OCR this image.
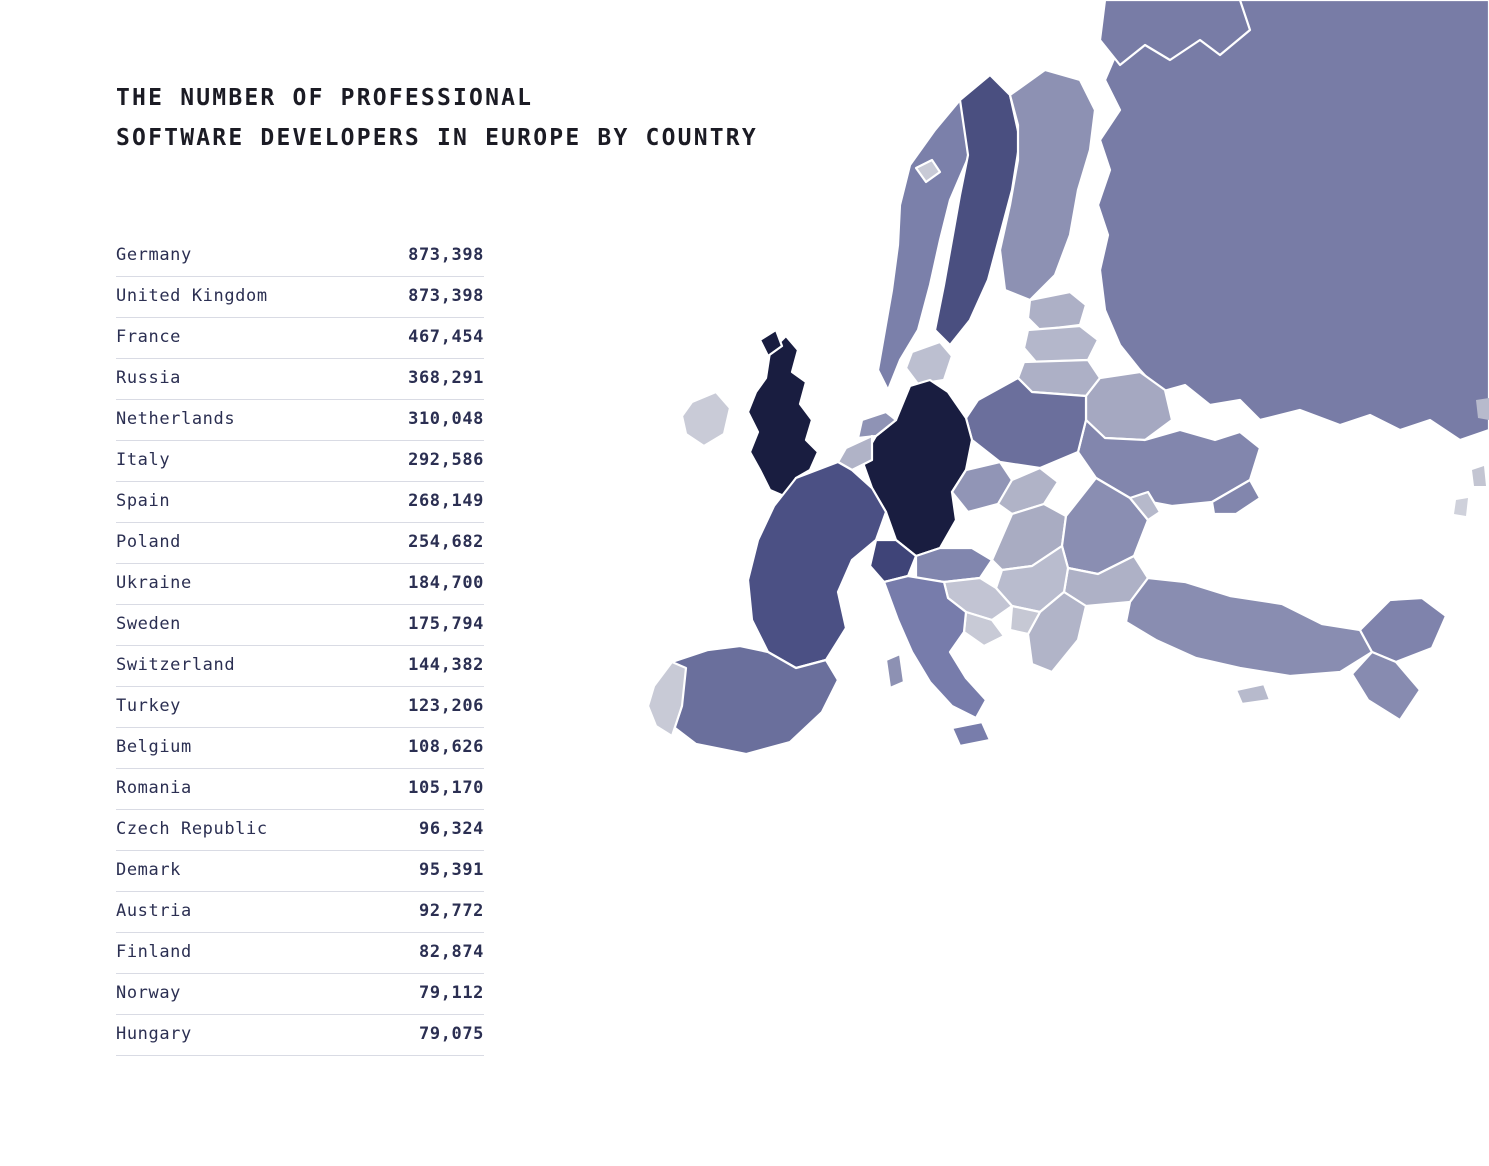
THE NUMBER OF PROFESSIONAL
SOFTWARE DEVELOPERS IN EUROPE BY COUNTRY
Germany	873,398
United Kingdom	873,398
France	467,454
Russia	368,291
Netherlands	310,048
Italy	292,586
Spain	268,149
Poland	254,682
Ukraine	184,700
Sweden	175,794
Switzerland	144,382
Turkey	123,206
Belgium	108,626
Romania	105,170
Czech Republic	96,324
Demark	95,391
Austria	92,772
Finland	82,874
Norway	79,112
Hungary	79,075
